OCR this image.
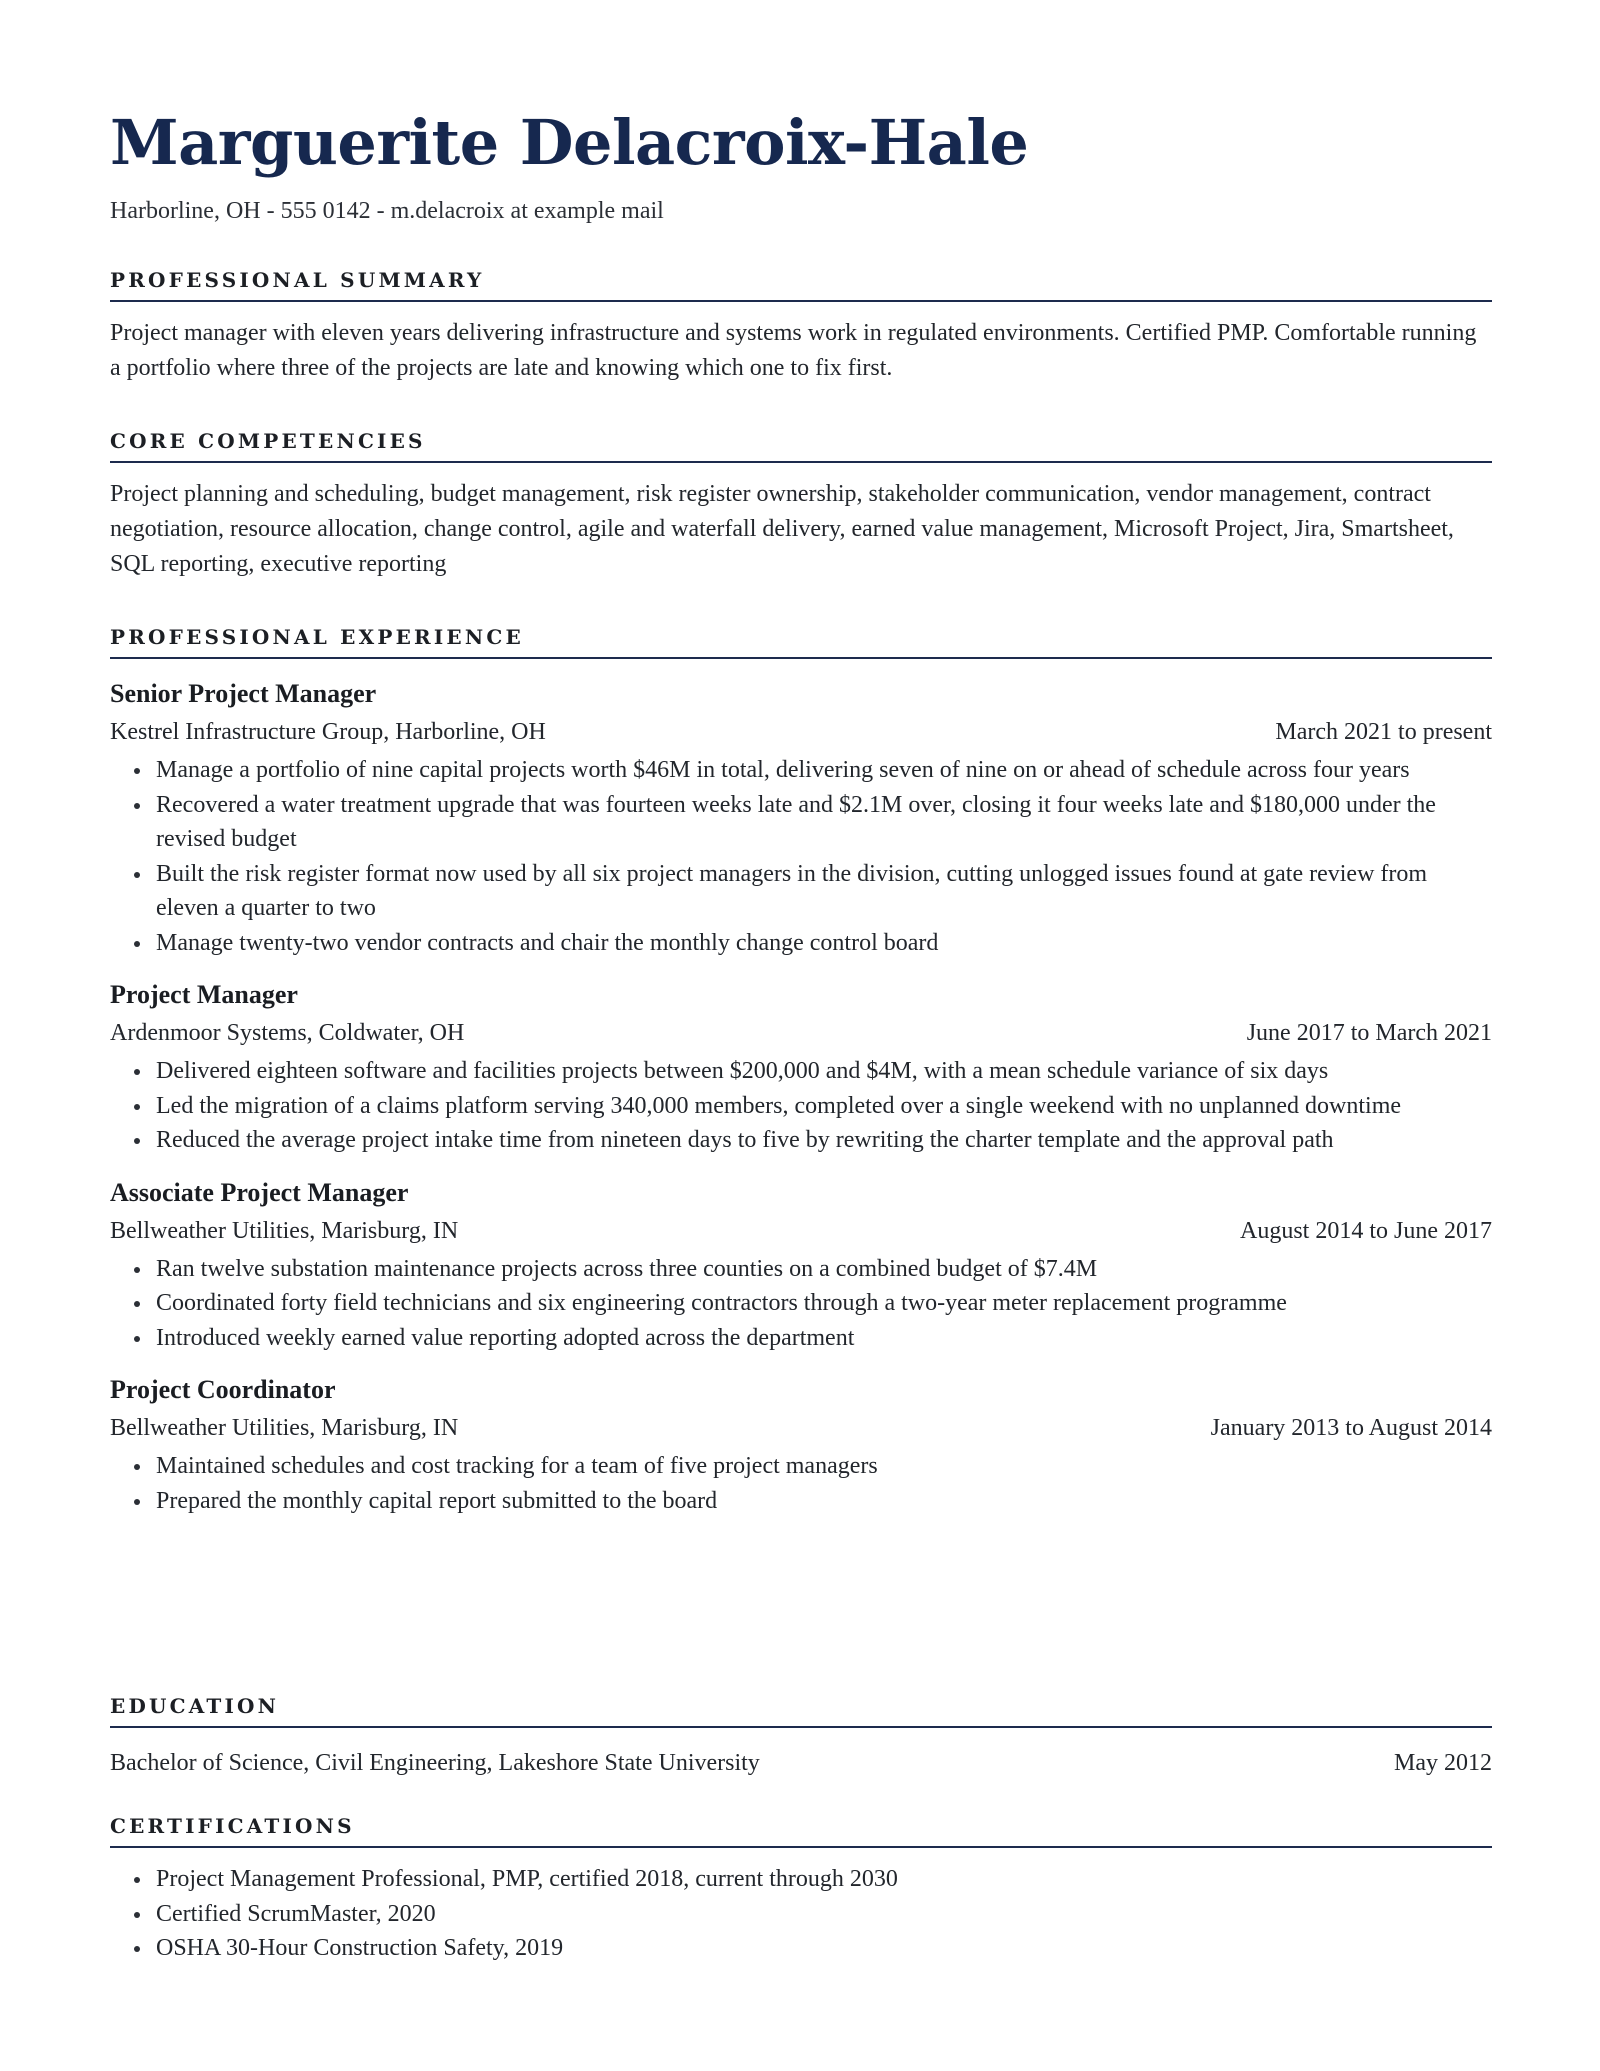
Marguerite Delacroix-Hale
Harborline, OH - 555 0142 - m.delacroix at example mail
PROFESSIONAL SUMMARY
Project manager with eleven years delivering infrastructure and systems work in regulated environments. Certified PMP. Comfortable running a portfolio where three of the projects are late and knowing which one to fix first.
CORE COMPETENCIES
Project planning and scheduling, budget management, risk register ownership, stakeholder communication, vendor management, contract negotiation, resource allocation, change control, agile and waterfall delivery, earned value management, Microsoft Project, Jira, Smartsheet, SQL reporting, executive reporting
PROFESSIONAL EXPERIENCE
Senior Project Manager
Kestrel Infrastructure Group, Harborline, OH	March 2021 to present
Manage a portfolio of nine capital projects worth $46M in total, delivering seven of nine on or ahead of schedule across four years
Recovered a water treatment upgrade that was fourteen weeks late and $2.1M over, closing it four weeks late and $180,000 under the revised budget
Built the risk register format now used by all six project managers in the division, cutting unlogged issues found at gate review from eleven a quarter to two
Manage twenty-two vendor contracts and chair the monthly change control board
Project Manager
Ardenmoor Systems, Coldwater, OH	June 2017 to March 2021
Delivered eighteen software and facilities projects between $200,000 and $4M, with a mean schedule variance of six days
Led the migration of a claims platform serving 340,000 members, completed over a single weekend with no unplanned downtime
Reduced the average project intake time from nineteen days to five by rewriting the charter template and the approval path
Associate Project Manager
Bellweather Utilities, Marisburg, IN	August 2014 to June 2017
Ran twelve substation maintenance projects across three counties on a combined budget of $7.4M
Coordinated forty field technicians and six engineering contractors through a two-year meter replacement programme
Introduced weekly earned value reporting adopted across the department
Project Coordinator
Bellweather Utilities, Marisburg, IN	January 2013 to August 2014
Maintained schedules and cost tracking for a team of five project managers
Prepared the monthly capital report submitted to the board
EDUCATION
Bachelor of Science, Civil Engineering, Lakeshore State University	May 2012
CERTIFICATIONS
Project Management Professional, PMP, certified 2018, current through 2030
Certified ScrumMaster, 2020
OSHA 30-Hour Construction Safety, 2019
